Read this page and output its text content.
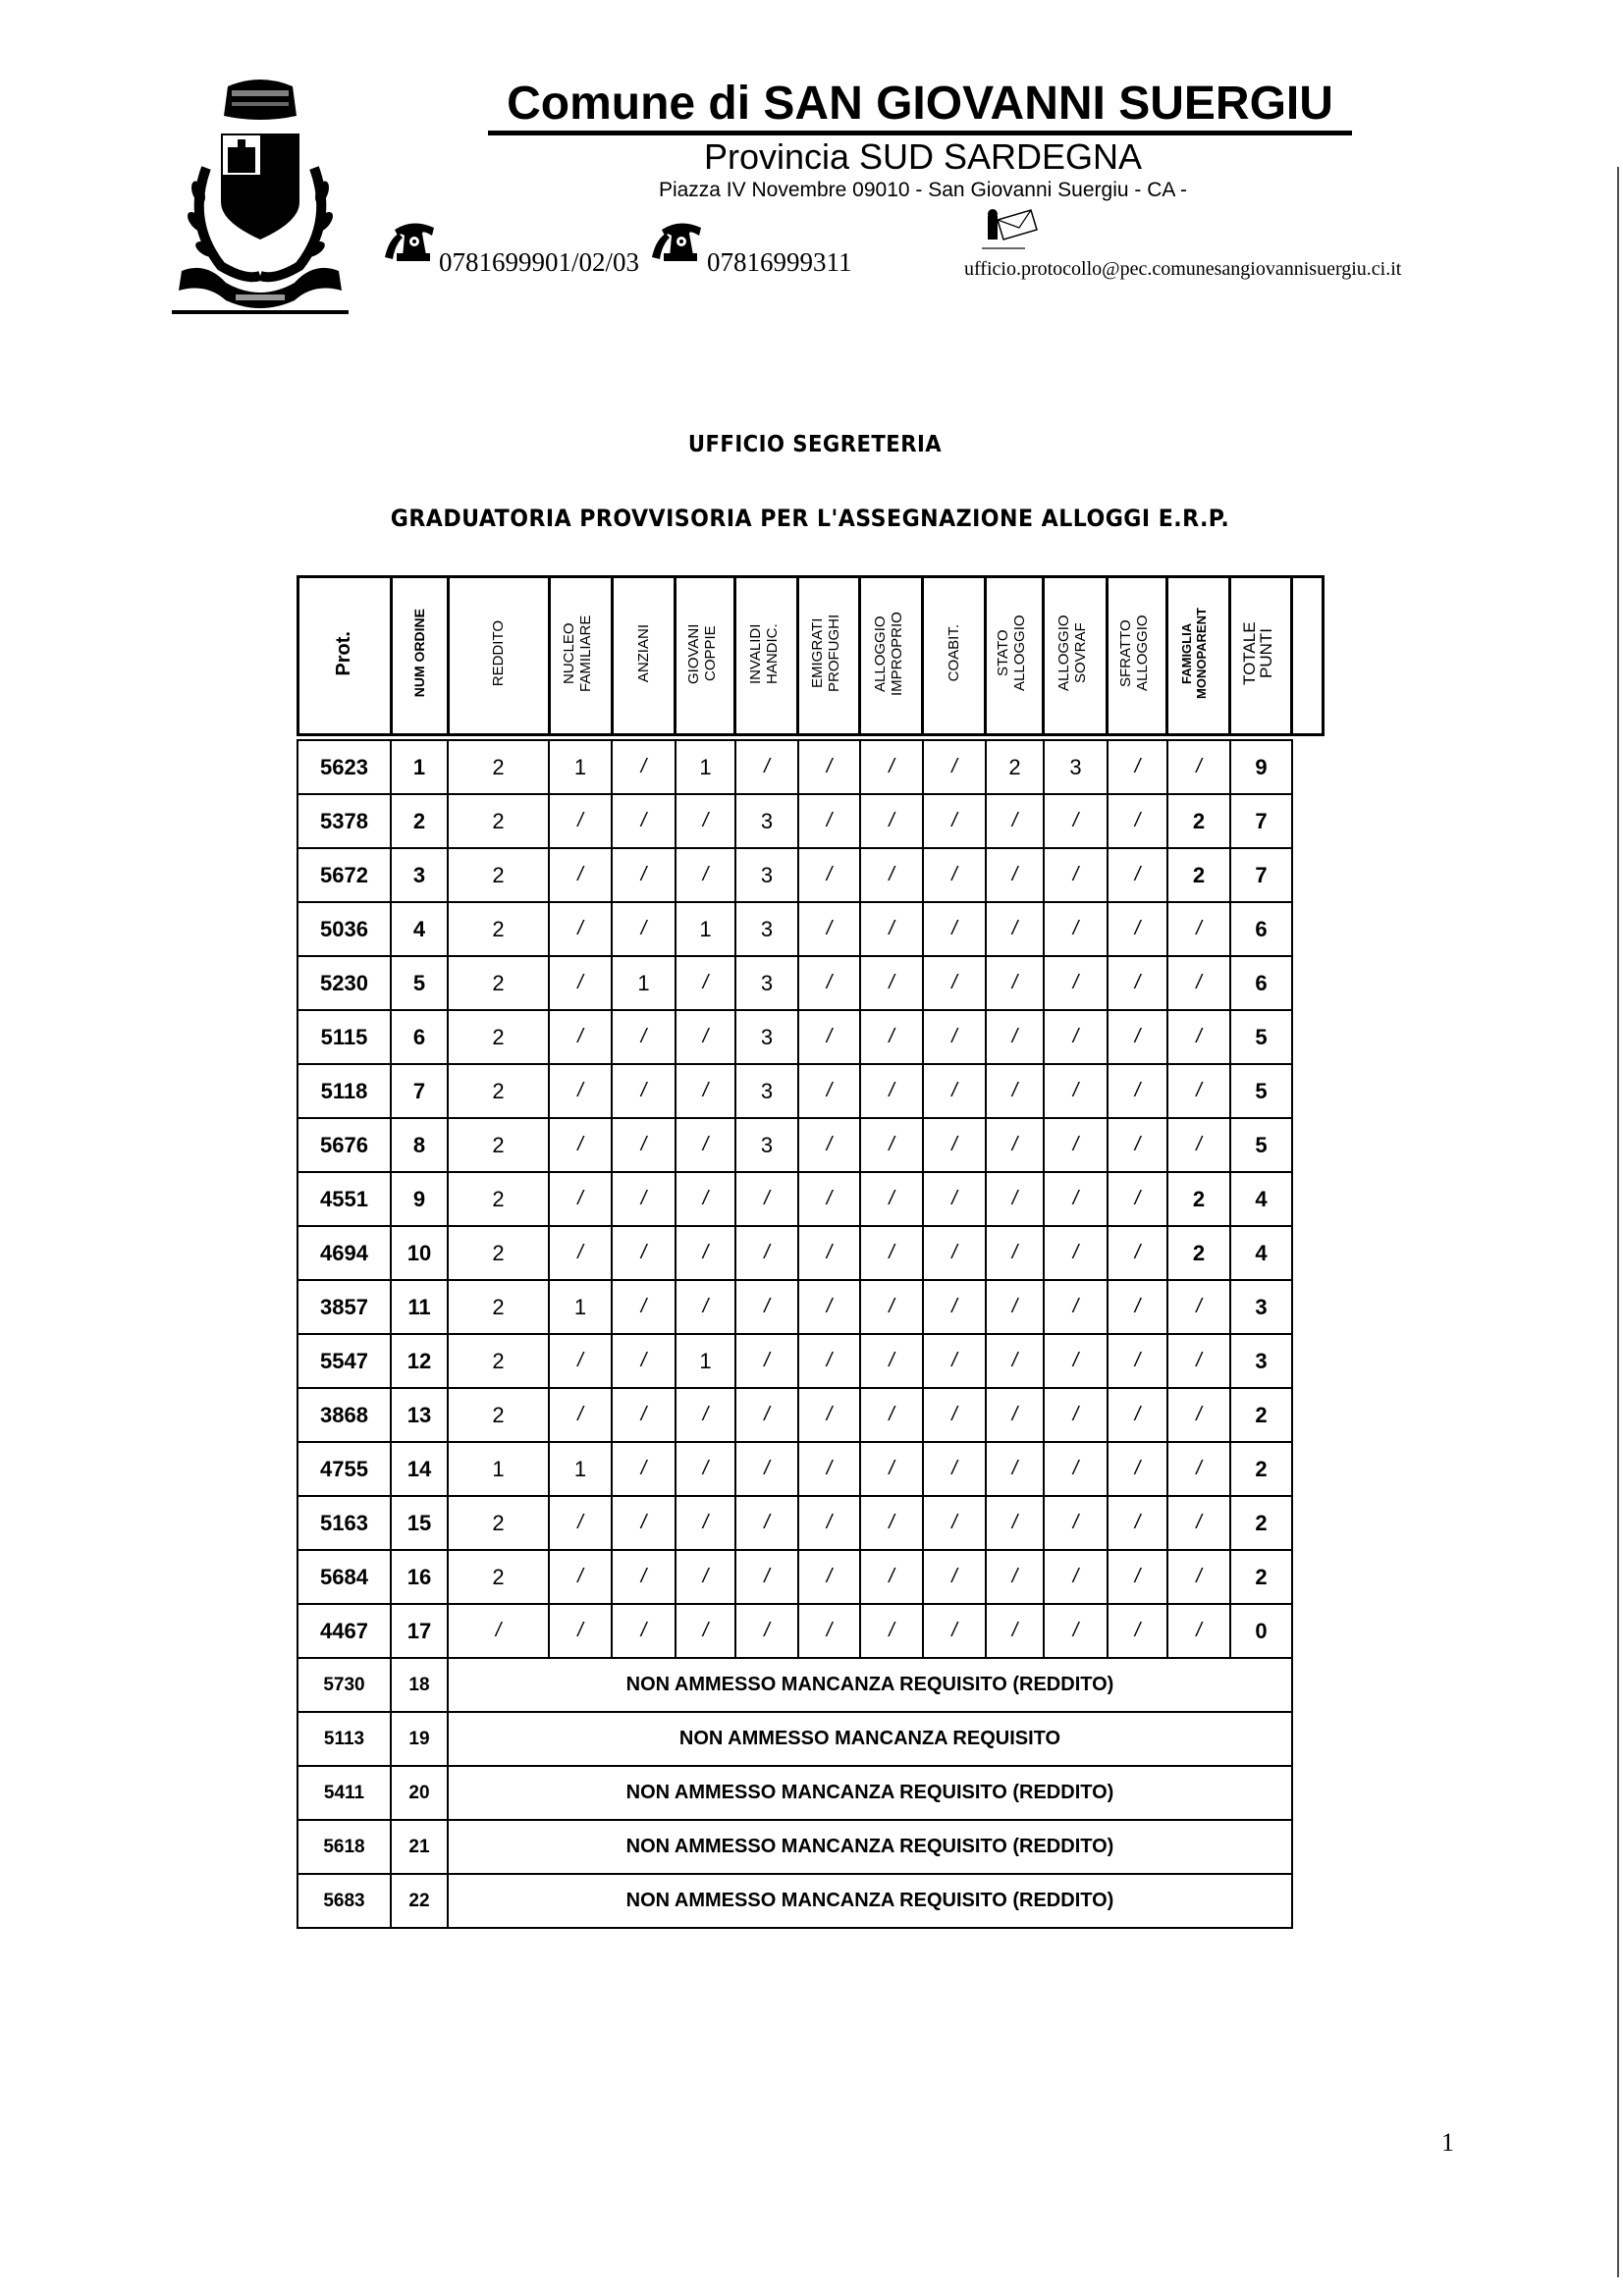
Comune di SAN GIOVANNI SUERGIU
Provincia SUD SARDEGNA
Piazza IV Novembre 09010 - San Giovanni Suergiu - CA -
0781699901/02/03	07816999311	ufficio.protocollo@pec.comunesangiovannisuergiu.ci.it
UFFICIO SEGRETERIA
GRADUATORIA PROVVISORIA PER L'ASSEGNAZIONE ALLOGGI E.R.P.
Prot.	NUM ORDINE	REDDITO	NUCLEO FAMILIARE	ANZIANI	GIOVANI COPPIE	INVALIDI HANDIC.	EMIGRATI PROFUGHI	ALLOGGIO IMPROPRIO	COABIT.	STATO ALLOGGIO	ALLOGGIO SOVRAF	SFRATTO ALLOGGIO	FAMIGLIA MONOPARENT	TOTALE PUNTI	
5623	1	2	1	/	1	/	/	/	/	2	3	/	/	9
5378	2	2	/	/	/	3	/	/	/	/	/	/	2	7
5672	3	2	/	/	/	3	/	/	/	/	/	/	2	7
5036	4	2	/	/	1	3	/	/	/	/	/	/	/	6
5230	5	2	/	1	/	3	/	/	/	/	/	/	/	6
5115	6	2	/	/	/	3	/	/	/	/	/	/	/	5
5118	7	2	/	/	/	3	/	/	/	/	/	/	/	5
5676	8	2	/	/	/	3	/	/	/	/	/	/	/	5
4551	9	2	/	/	/	/	/	/	/	/	/	/	2	4
4694	10	2	/	/	/	/	/	/	/	/	/	/	2	4
3857	11	2	1	/	/	/	/	/	/	/	/	/	/	3
5547	12	2	/	/	1	/	/	/	/	/	/	/	/	3
3868	13	2	/	/	/	/	/	/	/	/	/	/	/	2
4755	14	1	1	/	/	/	/	/	/	/	/	/	/	2
5163	15	2	/	/	/	/	/	/	/	/	/	/	/	2
5684	16	2	/	/	/	/	/	/	/	/	/	/	/	2
4467	17	/	/	/	/	/	/	/	/	/	/	/	/	0
5730	18	NON AMMESSO MANCANZA REQUISITO (REDDITO)												
5113	19	NON AMMESSO MANCANZA REQUISITO												
5411	20	NON AMMESSO MANCANZA REQUISITO (REDDITO)												
5618	21	NON AMMESSO MANCANZA REQUISITO (REDDITO)												
5683	22	NON AMMESSO MANCANZA REQUISITO (REDDITO)												
1
